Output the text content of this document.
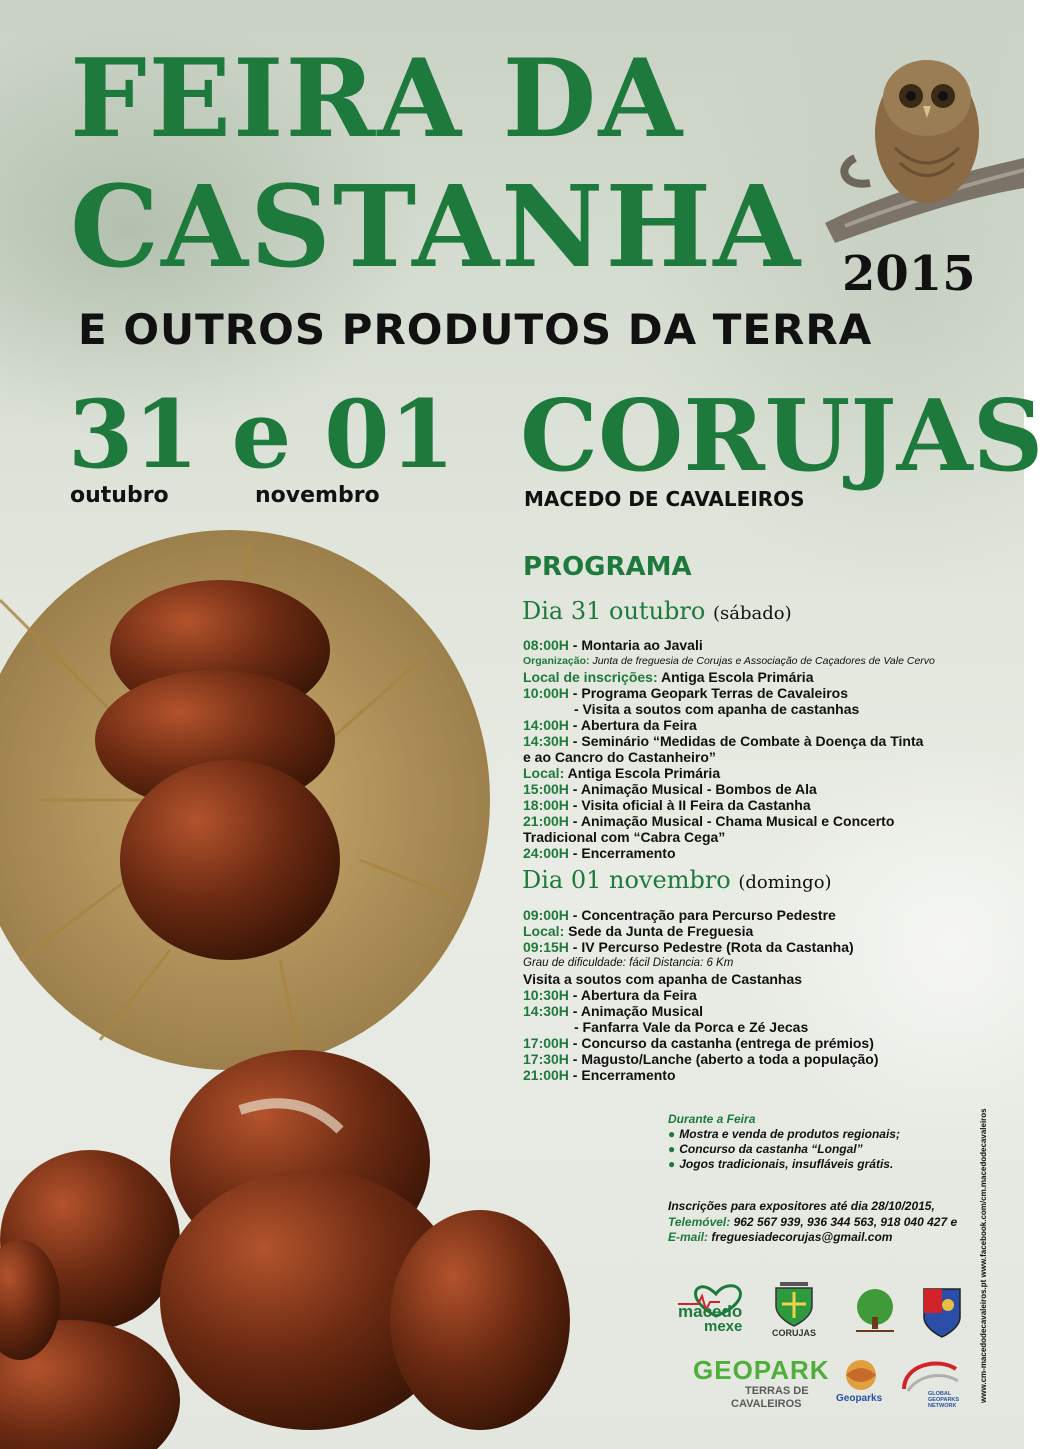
FEIRA DA
CASTANHA 2015
E OUTROS PRODUTOS DA TERRA
31 e 01
outubro	novembro
CORUJAS
MACEDO DE CAVALEIROS
PROGRAMA
Dia 31 outubro (sábado)
08:00H - Montaria ao Javali
Organização: Junta de freguesia de Corujas e Associação de Caçadores de Vale Cervo
Local de inscrições: Antiga Escola Primária
10:00H - Programa Geopark Terras de Cavaleiros
- Visita a soutos com apanha de castanhas
14:00H - Abertura da Feira
14:30H - Seminário “Medidas de Combate à Doença da Tinta
e ao Cancro do Castanheiro”
Local: Antiga Escola Primária
15:00H - Animação Musical - Bombos de Ala
18:00H - Visita oficial à II Feira da Castanha
21:00H - Animação Musical - Chama Musical e Concerto
Tradicional com “Cabra Cega”
24:00H - Encerramento
Dia 01 novembro (domingo)
09:00H - Concentração para Percurso Pedestre
Local: Sede da Junta de Freguesia
09:15H - IV Percurso Pedestre (Rota da Castanha)
Grau de dificuldade: fácil Distancia: 6 Km
Visita a soutos com apanha de Castanhas
10:30H - Abertura da Feira
14:30H - Animação Musical
- Fanfarra Vale da Porca e Zé Jecas
17:00H - Concurso da castanha (entrega de prémios)
17:30H - Magusto/Lanche (aberto a toda a população)
21:00H - Encerramento
Durante a Feira
● Mostra e venda de produtos regionais;
● Concurso da castanha “Longal”
● Jogos tradicionais, insufláveis grátis.
Inscrições para expositores até dia 28/10/2015,
Telemóvel: 962 567 939, 936 344 563, 918 040 427 e
E-mail: freguesiadecorujas@gmail.com
macedo
mexe	CORUJAS	www.cm-macedodecavaleiros.pt www.facebook.com/cm.macedodecavaleiros
GEOPARK
TERRAS DE
CAVALEIROS	Geoparks	GLOBAL GEOPARKS NETWORK
